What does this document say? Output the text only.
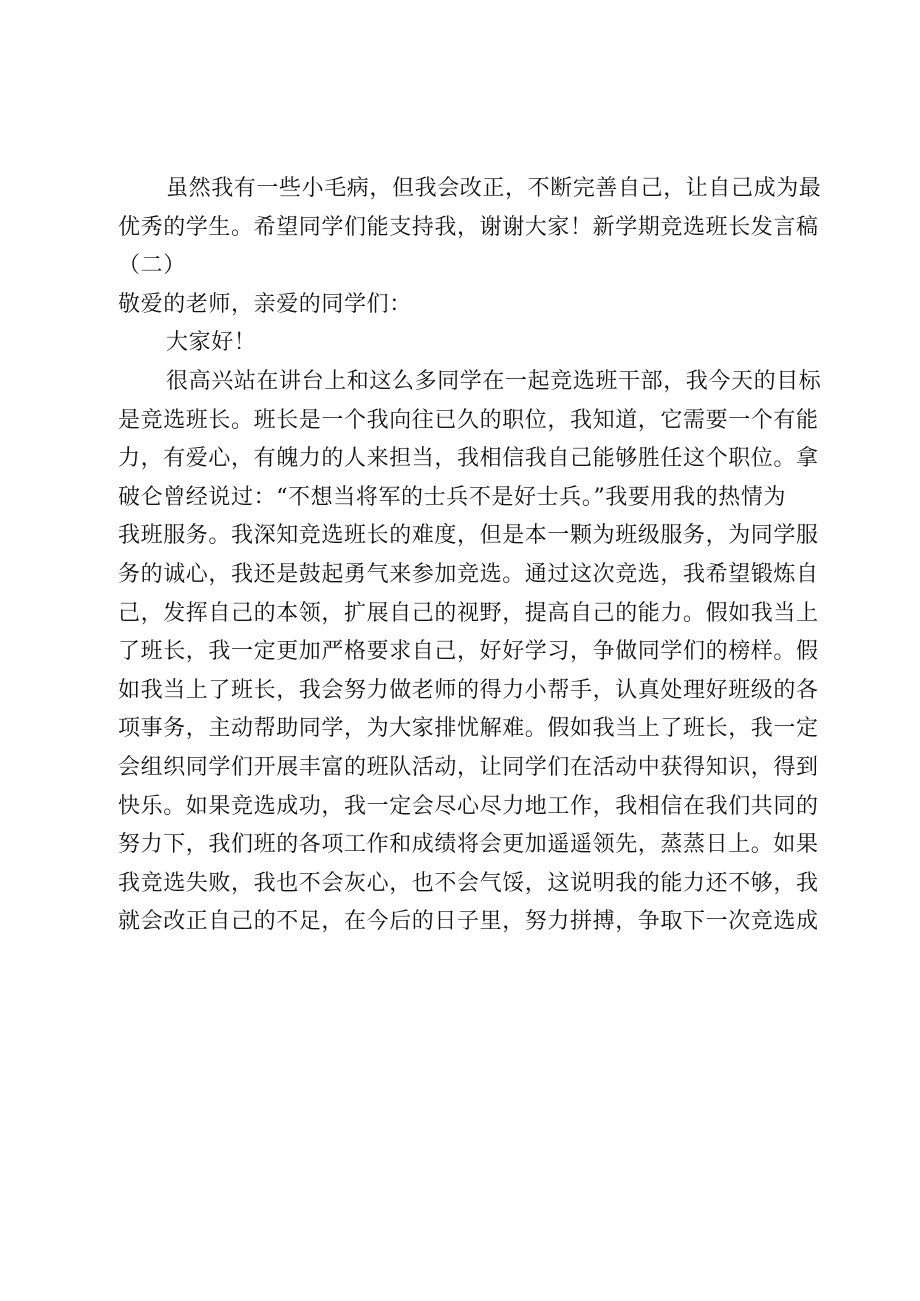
虽然我有一些小毛病，但我会改正，不断完善自己，让自己成为最
优秀的学生。希望同学们能支持我，谢谢大家！新学期竞选班长发言稿
（二）

敬爱的老师，亲爱的同学们：

大家好！

很高兴站在讲台上和这么多同学在一起竞选班干部，我今天的目标
是竞选班长。班长是一个我向往已久的职位，我知道，它需要一个有能
力，有爱心，有魄力的人来担当，我相信我自己能够胜任这个职位。拿
破仑曾经说过：“不想当将军的士兵不是好士兵。”我要用我的热情为
我班服务。我深知竞选班长的难度，但是本一颗为班级服务，为同学服
务的诚心，我还是鼓起勇气来参加竞选。通过这次竞选，我希望锻炼自
己，发挥自己的本领，扩展自己的视野，提高自己的能力。假如我当上
了班长，我一定更加严格要求自己，好好学习，争做同学们的榜样。假
如我当上了班长，我会努力做老师的得力小帮手，认真处理好班级的各
项事务，主动帮助同学，为大家排忧解难。假如我当上了班长，我一定
会组织同学们开展丰富的班队活动，让同学们在活动中获得知识，得到
快乐。如果竞选成功，我一定会尽心尽力地工作，我相信在我们共同的
努力下，我们班的各项工作和成绩将会更加遥遥领先，蒸蒸日上。如果
我竞选失败，我也不会灰心，也不会气馁，这说明我的能力还不够，我
就会改正自己的不足，在今后的日子里，努力拼搏，争取下一次竞选成
